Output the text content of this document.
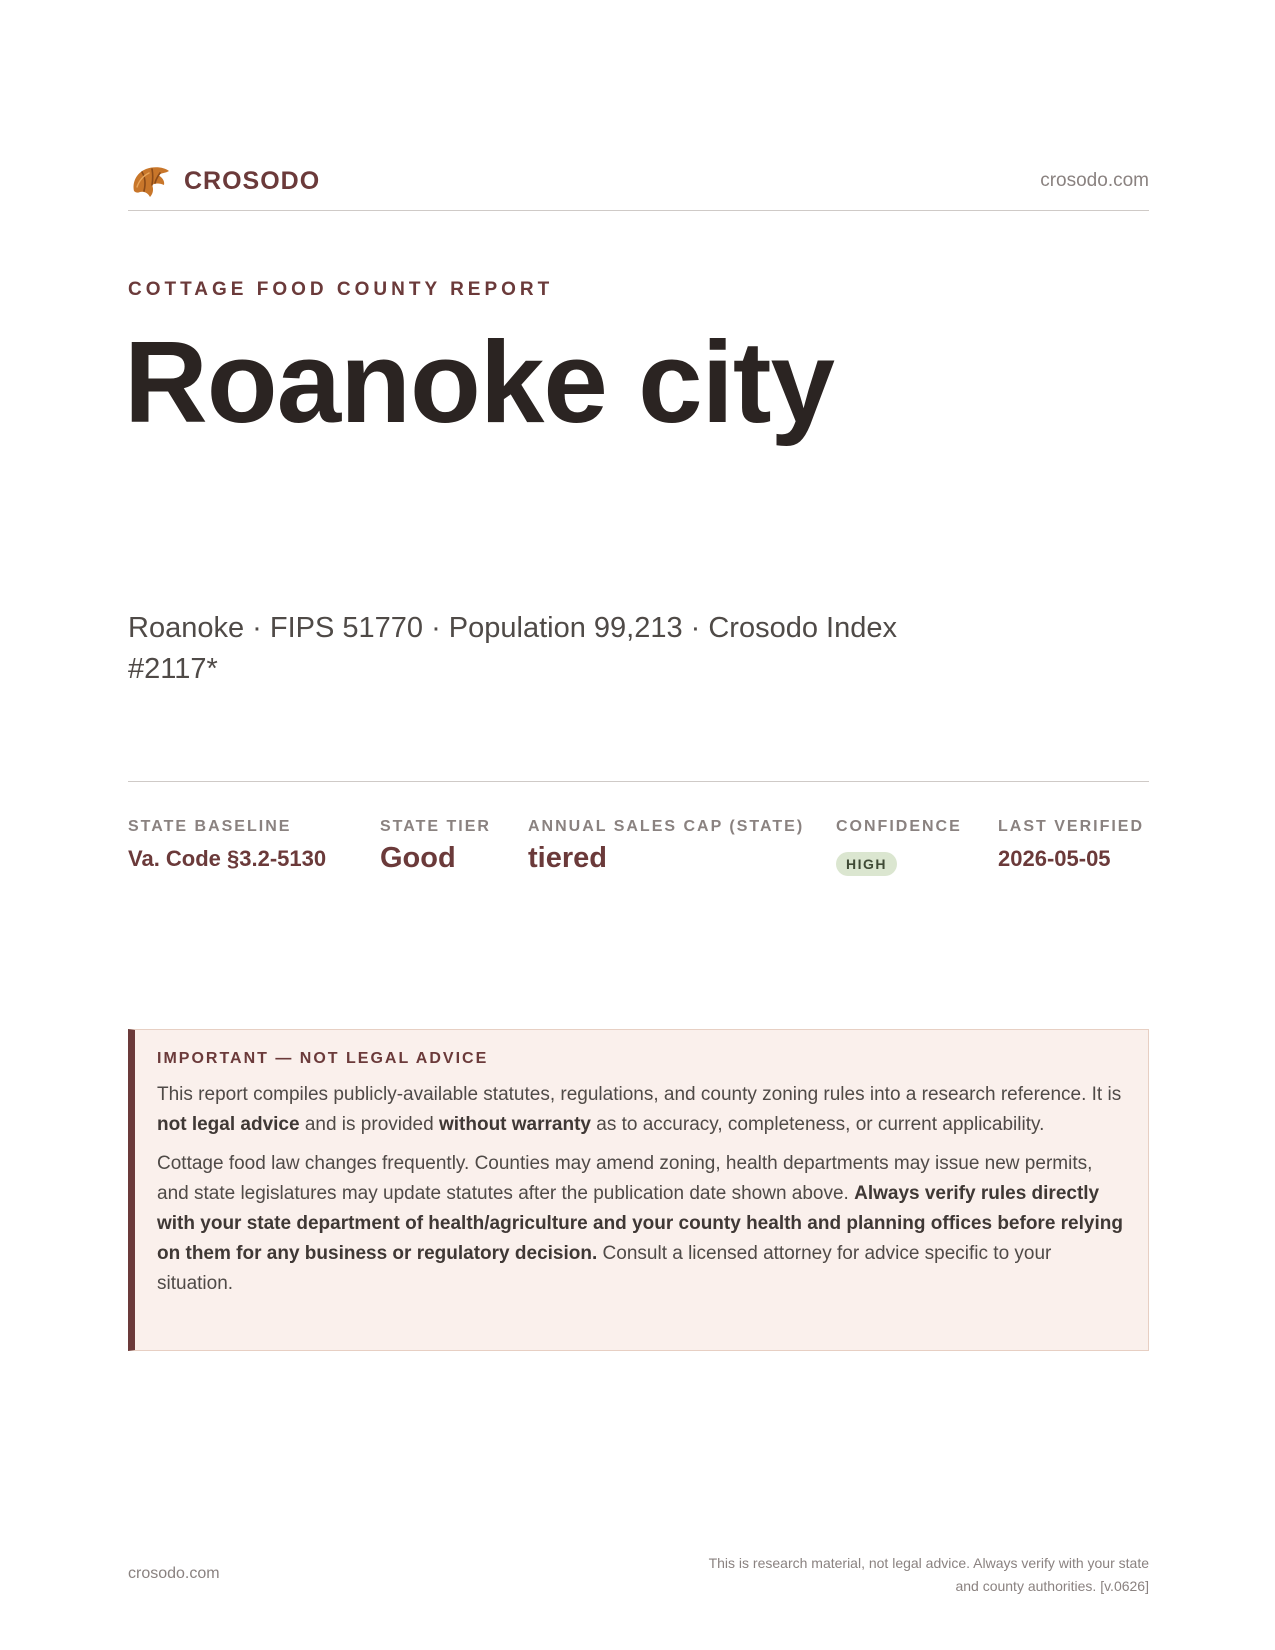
CROSODO	crosodo.com
COTTAGE FOOD COUNTY REPORT
Roanoke city
Roanoke · FIPS 51770 · Population 99,213 · Crosodo Index #2117*
STATE BASELINE
Va. Code §3.2-5130
STATE TIER
Good
ANNUAL SALES CAP (STATE)
tiered
CONFIDENCE
HIGH
LAST VERIFIED
2026-05-05
IMPORTANT — NOT LEGAL ADVICE

This report compiles publicly-available statutes, regulations, and county zoning rules into a research reference. It is not legal advice and is provided without warranty as to accuracy, completeness, or current applicability.

Cottage food law changes frequently. Counties may amend zoning, health departments may issue new permits, and state legislatures may update statutes after the publication date shown above. Always verify rules directly with your state department of health/agriculture and your county health and planning offices before relying on them for any business or regulatory decision. Consult a licensed attorney for advice specific to your situation.

crosodo.com
This is research material, not legal advice. Always verify with your state
and county authorities. [v.0626]
